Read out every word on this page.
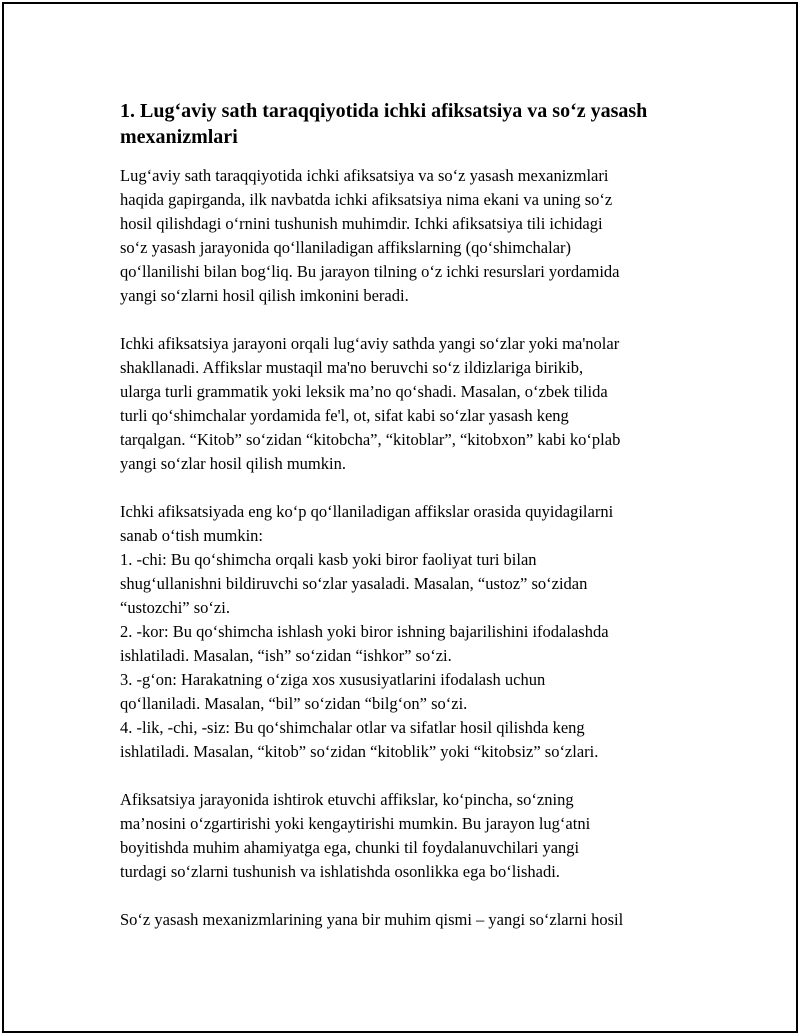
1. Lug‘aviy sath taraqqiyotida ichki afiksatsiya va so‘z yasash
mexanizmlari

Lug‘aviy sath taraqqiyotida ichki afiksatsiya va so‘z yasash mexanizmlari
haqida gapirganda, ilk navbatda ichki afiksatsiya nima ekani va uning so‘z
hosil qilishdagi o‘rnini tushunish muhimdir. Ichki afiksatsiya tili ichidagi
so‘z yasash jarayonida qo‘llaniladigan affikslarning (qo‘shimchalar)
qo‘llanilishi bilan bog‘liq. Bu jarayon tilning o‘z ichki resurslari yordamida
yangi so‘zlarni hosil qilish imkonini beradi.

Ichki afiksatsiya jarayoni orqali lug‘aviy sathda yangi so‘zlar yoki ma'nolar
shakllanadi. Affikslar mustaqil ma'no beruvchi so‘z ildizlariga birikib,
ularga turli grammatik yoki leksik ma’no qo‘shadi. Masalan, o‘zbek tilida
turli qo‘shimchalar yordamida fe'l, ot, sifat kabi so‘zlar yasash keng
tarqalgan. “Kitob” so‘zidan “kitobcha”, “kitoblar”, “kitobxon” kabi ko‘plab
yangi so‘zlar hosil qilish mumkin.

Ichki afiksatsiyada eng ko‘p qo‘llaniladigan affikslar orasida quyidagilarni
sanab o‘tish mumkin:
1. -chi: Bu qo‘shimcha orqali kasb yoki biror faoliyat turi bilan
shug‘ullanishni bildiruvchi so‘zlar yasaladi. Masalan, “ustoz” so‘zidan
“ustozchi” so‘zi.
2. -kor: Bu qo‘shimcha ishlash yoki biror ishning bajarilishini ifodalashda
ishlatiladi. Masalan, “ish” so‘zidan “ishkor” so‘zi.
3. -g‘on: Harakatning o‘ziga xos xususiyatlarini ifodalash uchun
qo‘llaniladi. Masalan, “bil” so‘zidan “bilg‘on” so‘zi.
4. -lik, -chi, -siz: Bu qo‘shimchalar otlar va sifatlar hosil qilishda keng
ishlatiladi. Masalan, “kitob” so‘zidan “kitoblik” yoki “kitobsiz” so‘zlari.

Afiksatsiya jarayonida ishtirok etuvchi affikslar, ko‘pincha, so‘zning
ma’nosini o‘zgartirishi yoki kengaytirishi mumkin. Bu jarayon lug‘atni
boyitishda muhim ahamiyatga ega, chunki til foydalanuvchilari yangi
turdagi so‘zlarni tushunish va ishlatishda osonlikka ega bo‘lishadi.

So‘z yasash mexanizmlarining yana bir muhim qismi – yangi so‘zlarni hosil
